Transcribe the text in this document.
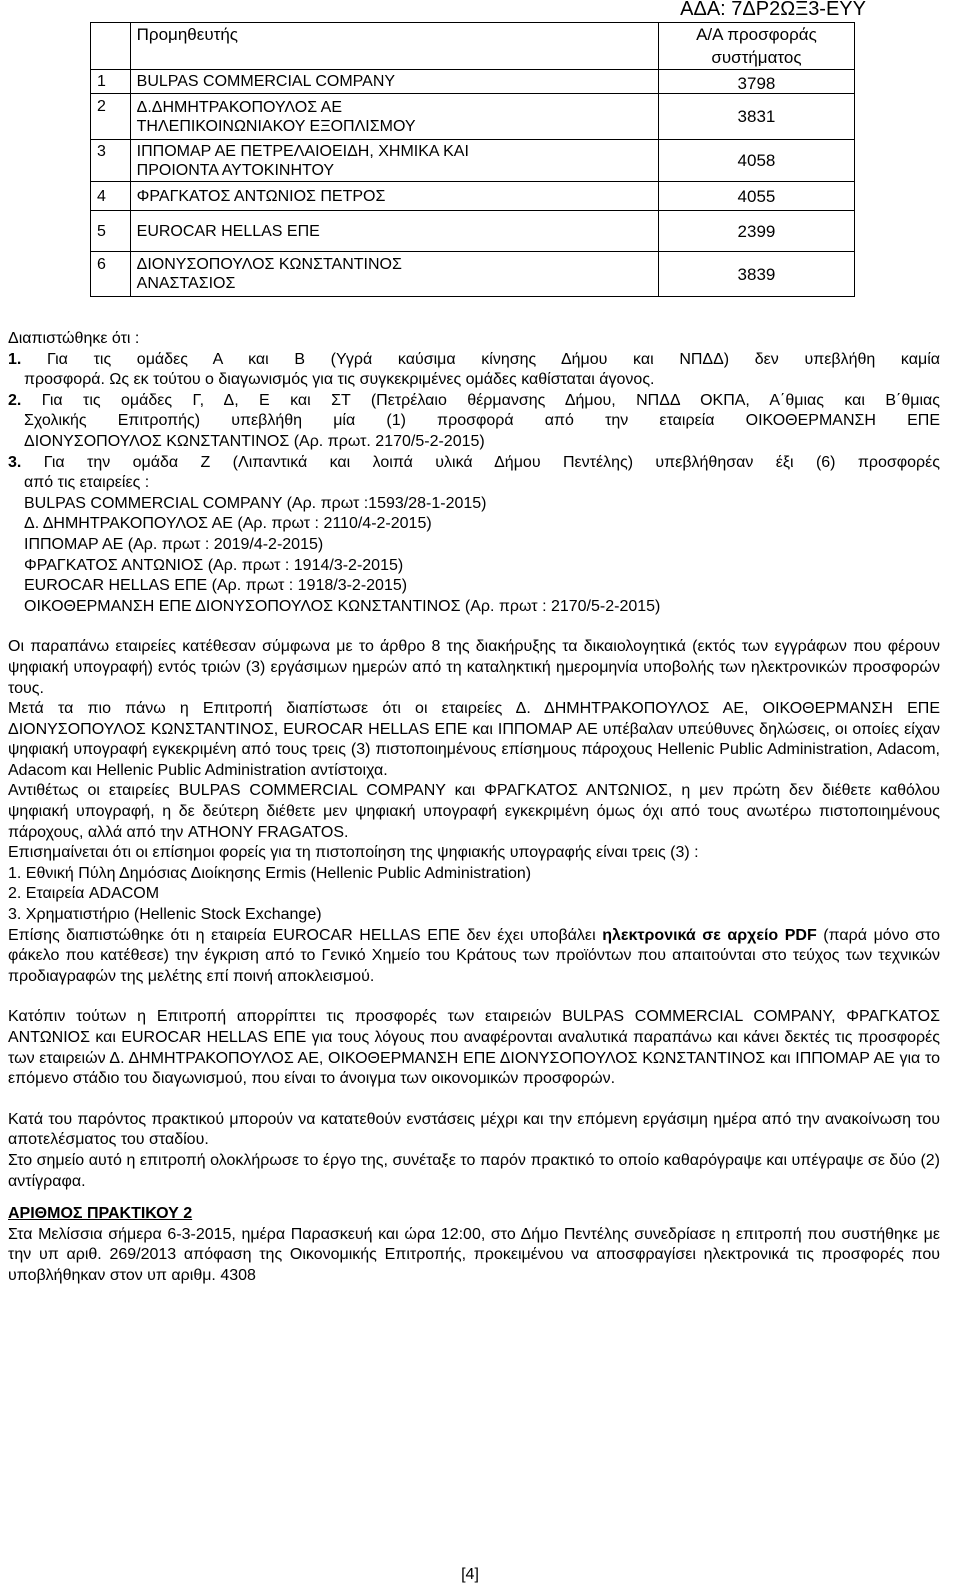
ΑΔΑ: 7ΔΡ2ΩΞ3-ΕΥΥ
	Προμηθευτής	Α/Α προσφοράς
συστήματος

1	BULPAS COMMERCIAL COMPANY	3798
2	Δ.ΔΗΜΗΤΡΑΚΟΠΟΥΛΟΣ ΑΕ
ΤΗΛΕΠΙΚΟΙΝΩΝΙΑΚΟΥ ΕΞΟΠΛΙΣΜΟΥ	3831
3	ΙΠΠΟΜΑΡ ΑΕ ΠΕΤΡΕΛΑΙΟΕΙΔΗ, ΧΗΜΙΚΑ ΚΑΙ
ΠΡΟΙΟΝΤΑ ΑΥΤΟΚΙΝΗΤΟΥ	4058
4	ΦΡΑΓΚΑΤΟΣ ΑΝΤΩΝΙΟΣ ΠΕΤΡΟΣ	4055
5	EUROCAR HELLAS ΕΠΕ	2399
6	ΔΙΟΝΥΣΟΠΟΥΛΟΣ ΚΩΝΣΤΑΝΤΙΝΟΣ
ΑΝΑΣΤΑΣΙΟΣ	3839

Διαπιστώθηκε ότι :

1. Για τις ομάδες Α και Β (Υγρά καύσιμα κίνησης Δήμου και ΝΠΔΔ) δεν υπεβλήθη καμία

προσφορά. Ως εκ τούτου ο διαγωνισμός για τις συγκεκριμένες ομάδες καθίσταται άγονος.

2. Για τις ομάδες Γ, Δ, Ε και ΣΤ (Πετρέλαιο θέρμανσης Δήμου, ΝΠΔΔ ΟΚΠΑ, Α΄θμιας και Β΄θμιας

Σχολικής Επιτροπής) υπεβλήθη μία (1) προσφορά από την εταιρεία ΟΙΚΟΘΕΡΜΑΝΣΗ ΕΠΕ

ΔΙΟΝΥΣΟΠΟΥΛΟΣ ΚΩΝΣΤΑΝΤΙΝΟΣ (Αρ. πρωτ. 2170/5-2-2015)

3. Για την ομάδα Ζ (Λιπαντικά και λοιπά υλικά Δήμου Πεντέλης) υπεβλήθησαν έξι (6) προσφορές

από τις εταιρείες :

BULPAS COMMERCIAL COMPANY (Αρ. πρωτ :1593/28-1-2015)

Δ. ΔΗΜΗΤΡΑΚΟΠΟΥΛΟΣ ΑΕ (Αρ. πρωτ : 2110/4-2-2015)

ΙΠΠΟΜΑΡ ΑΕ (Αρ. πρωτ : 2019/4-2-2015)

ΦΡΑΓΚΑΤΟΣ ΑΝΤΩΝΙΟΣ (Αρ. πρωτ : 1914/3-2-2015)

EUROCAR HELLAS ΕΠΕ (Αρ. πρωτ : 1918/3-2-2015)

ΟΙΚΟΘΕΡΜΑΝΣΗ ΕΠΕ ΔΙΟΝΥΣΟΠΟΥΛΟΣ ΚΩΝΣΤΑΝΤΙΝΟΣ (Αρ. πρωτ : 2170/5-2-2015)

Οι παραπάνω εταιρείες κατέθεσαν σύμφωνα με το άρθρο 8 της διακήρυξης τα δικαιολογητικά (εκτός των εγγράφων που φέρουν ψηφιακή υπογραφή) εντός τριών (3) εργάσιμων ημερών από τη καταληκτική ημερομηνία υποβολής των ηλεκτρονικών προσφορών τους.

Μετά τα πιο πάνω η Επιτροπή διαπίστωσε ότι οι εταιρείες Δ. ΔΗΜΗΤΡΑΚΟΠΟΥΛΟΣ ΑΕ, ΟΙΚΟΘΕΡΜΑΝΣΗ ΕΠΕ ΔΙΟΝΥΣΟΠΟΥΛΟΣ ΚΩΝΣΤΑΝΤΙΝΟΣ, EUROCAR HELLAS ΕΠΕ και ΙΠΠΟΜΑΡ ΑΕ υπέβαλαν υπεύθυνες δηλώσεις, οι οποίες είχαν ψηφιακή υπογραφή εγκεκριμένη από τους τρεις (3) πιστοποιημένους επίσημους πάροχους Hellenic Public Administration, Adacom, Adacom και Hellenic Public Administration αντίστοιχα.

Αντιθέτως οι εταιρείες BULPAS COMMERCIAL COMPANY και ΦΡΑΓΚΑΤΟΣ ΑΝΤΩΝΙΟΣ, η μεν πρώτη δεν διέθετε καθόλου ψηφιακή υπογραφή, η δε δεύτερη διέθετε μεν ψηφιακή υπογραφή εγκεκριμένη όμως όχι από τους ανωτέρω πιστοποιημένους πάροχους, αλλά από την ATHONY FRAGATOS.

Επισημαίνεται ότι οι επίσημοι φορείς για τη πιστοποίηση της ψηφιακής υπογραφής είναι τρεις (3) :

1. Εθνική Πύλη Δημόσιας Διοίκησης Ermis (Hellenic Public Administration)

2. Εταιρεία ADACOM

3. Χρηματιστήριο (Hellenic Stock Exchange)

Επίσης διαπιστώθηκε ότι η εταιρεία EUROCAR HELLAS ΕΠΕ δεν έχει υποβάλει ηλεκτρονικά σε αρχείο PDF (παρά μόνο στο φάκελο που κατέθεσε) την έγκριση από το Γενικό Χημείο του Κράτους των προϊόντων που απαιτούνται στο τεύχος των τεχνικών προδιαγραφών της μελέτης επί ποινή αποκλεισμού.

Κατόπιν τούτων η Επιτροπή απορρίπτει τις προσφορές των εταιρειών BULPAS COMMERCIAL COMPANY, ΦΡΑΓΚΑΤΟΣ ΑΝΤΩΝΙΟΣ και EUROCAR HELLAS ΕΠΕ για τους λόγους που αναφέρονται αναλυτικά παραπάνω και κάνει δεκτές τις προσφορές των εταιρειών Δ. ΔΗΜΗΤΡΑΚΟΠΟΥΛΟΣ ΑΕ, ΟΙΚΟΘΕΡΜΑΝΣΗ ΕΠΕ ΔΙΟΝΥΣΟΠΟΥΛΟΣ ΚΩΝΣΤΑΝΤΙΝΟΣ και ΙΠΠΟΜΑΡ ΑΕ για το επόμενο στάδιο του διαγωνισμού, που είναι το άνοιγμα των οικονομικών προσφορών.

Κατά του παρόντος πρακτικού μπορούν να κατατεθούν ενστάσεις μέχρι και την επόμενη εργάσιμη ημέρα από την ανακοίνωση του αποτελέσματος του σταδίου.

Στο σημείο αυτό η επιτροπή ολοκλήρωσε το έργο της, συνέταξε το παρόν πρακτικό το οποίο καθαρόγραψε και υπέγραψε σε δύο (2) αντίγραφα.

ΑΡΙΘΜΟΣ ΠΡΑΚΤΙΚΟΥ 2

Στα Μελίσσια σήμερα 6-3-2015, ημέρα Παρασκευή και ώρα 12:00, στο Δήμο Πεντέλης συνεδρίασε η επιτροπή που συστήθηκε με την υπ αριθ. 269/2013 απόφαση της Οικονομικής Επιτροπής, προκειμένου να αποσφραγίσει ηλεκτρονικά τις προσφορές που υποβλήθηκαν στον υπ αριθμ. 4308

[4]
